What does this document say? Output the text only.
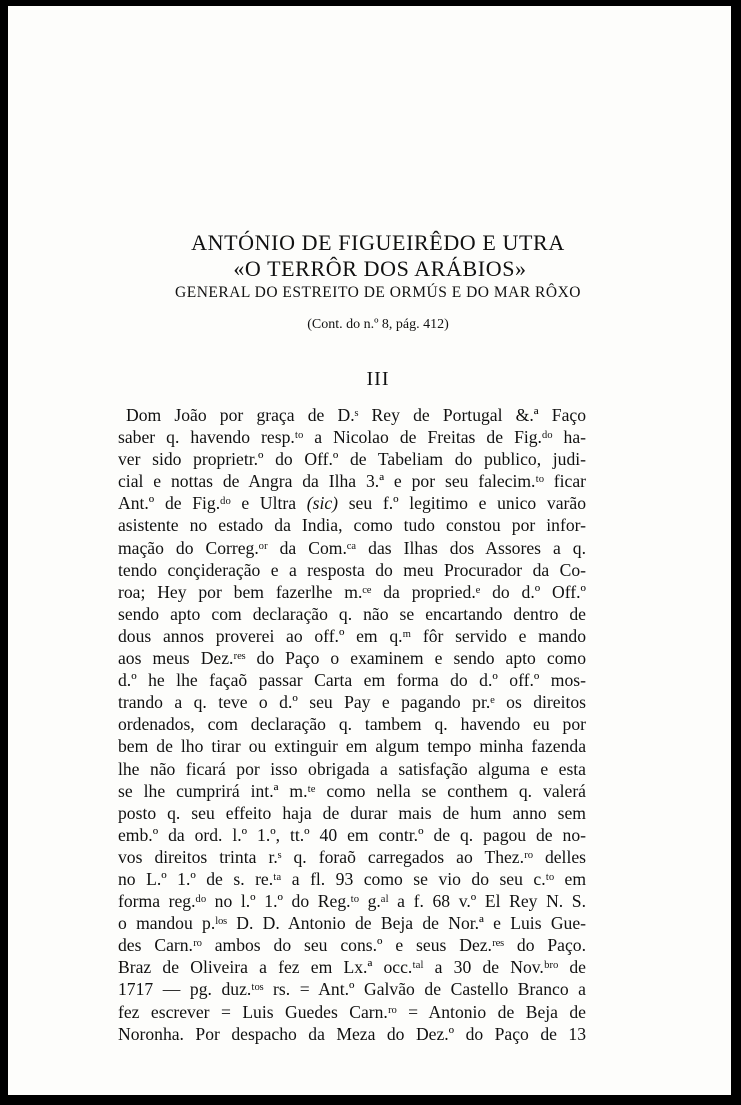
ANTÓNIO DE FIGUEIRÊDO E UTRA
«O TERRÔR DOS ARÁBIOS»
GENERAL DO ESTREITO DE ORMÚS E DO MAR RÔXO
(Cont. do n.º 8, pág. 412)
III
Dom João por graça de D.ˢ Rey de Portugal &.ª Faço
saber q. havendo resp.ᵗᵒ a Nicolao de Freitas de Fig.ᵈᵒ ha-
ver sido proprietr.º do Off.º de Tabeliam do publico, judi-
cial e nottas de Angra da Ilha 3.ª e por seu falecim.ᵗᵒ ficar
Ant.º de Fig.ᵈᵒ e Ultra (sic) seu f.º legitimo e unico varão
asistente no estado da India, como tudo constou por infor-
mação do Correg.ᵒʳ da Com.ᶜᵃ das Ilhas dos Assores a q.
tendo conçideração e a resposta do meu Procurador da Co-
roa; Hey por bem fazerlhe m.ᶜᵉ da propried.ᵉ do d.º Off.º
sendo apto com declaração q. não se encartando dentro de
dous annos proverei ao off.º em q.ᵐ fôr servido e mando
aos meus Dez.ʳᵉˢ do Paço o examinem e sendo apto como
d.º he lhe façaõ passar Carta em forma do d.º off.º mos-
trando a q. teve o d.º seu Pay e pagando pr.ᵉ os direitos
ordenados, com declaração q. tambem q. havendo eu por
bem de lho tirar ou extinguir em algum tempo minha fazenda
lhe não ficará por isso obrigada a satisfação alguma e esta
se lhe cumprirá int.ª m.ᵗᵉ como nella se conthem q. valerá
posto q. seu effeito haja de durar mais de hum anno sem
emb.º da ord. l.º 1.º, tt.º 40 em contr.º de q. pagou de no-
vos direitos trinta r.ˢ q. foraõ carregados ao Thez.ʳᵒ delles
no L.º 1.º de s. re.ᵗᵃ a fl. 93 como se vio do seu c.ᵗᵒ em
forma reg.ᵈᵒ no l.º 1.º do Reg.ᵗᵒ g.ᵃˡ a f. 68 v.º El Rey N. S.
o mandou p.ˡᵒˢ D. D. Antonio de Beja de Nor.ª e Luis Gue-
des Carn.ʳᵒ ambos do seu cons.º e seus Dez.ʳᵉˢ do Paço.
Braz de Oliveira a fez em Lx.ª occ.ᵗᵃˡ a 30 de Nov.ᵇʳᵒ de
1717 — pg. duz.ᵗᵒˢ rs. = Ant.º Galvão de Castello Branco a
fez escrever = Luis Guedes Carn.ʳᵒ = Antonio de Beja de
Noronha. Por despacho da Meza do Dez.º do Paço de 13
